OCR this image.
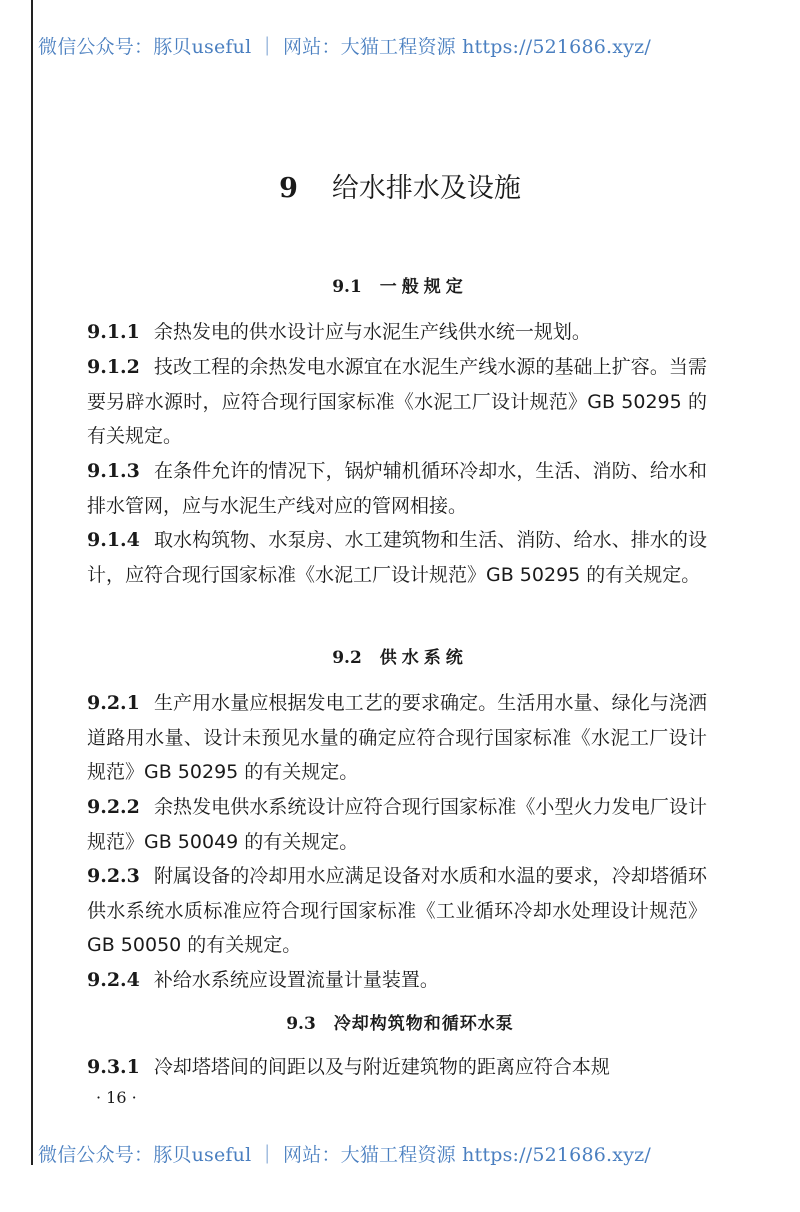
微信公众号：豚贝useful ｜ 网站：大猫工程资源 https://521686.xyz/
9 给水排水及设施
9.1 一般规定
9.1.1 余热发电的供水设计应与水泥生产线供水统一规划。
9.1.2 技改工程的余热发电水源宜在水泥生产线水源的基础上扩容。当需要另辟水源时，应符合现行国家标准《水泥工厂设计规范》GB 50295 的有关规定。
9.1.3 在条件允许的情况下，锅炉辅机循环冷却水，生活、消防、给水和排水管网，应与水泥生产线对应的管网相接。
9.1.4 取水构筑物、水泵房、水工建筑物和生活、消防、给水、排水的设计，应符合现行国家标准《水泥工厂设计规范》GB 50295 的有关规定。
9.2 供水系统
9.2.1 生产用水量应根据发电工艺的要求确定。生活用水量、绿化与浇洒道路用水量、设计未预见水量的确定应符合现行国家标准《水泥工厂设计规范》GB 50295 的有关规定。
9.2.2 余热发电供水系统设计应符合现行国家标准《小型火力发电厂设计规范》GB 50049 的有关规定。
9.2.3 附属设备的冷却用水应满足设备对水质和水温的要求，冷却塔循环供水系统水质标准应符合现行国家标准《工业循环冷却水处理设计规范》GB 50050 的有关规定。
9.2.4 补给水系统应设置流量计量装置。
9.3 冷却构筑物和循环水泵
9.3.1 冷却塔塔间的间距以及与附近建筑物的距离应符合本规
· 16 ·
微信公众号：豚贝useful ｜ 网站：大猫工程资源 https://521686.xyz/
